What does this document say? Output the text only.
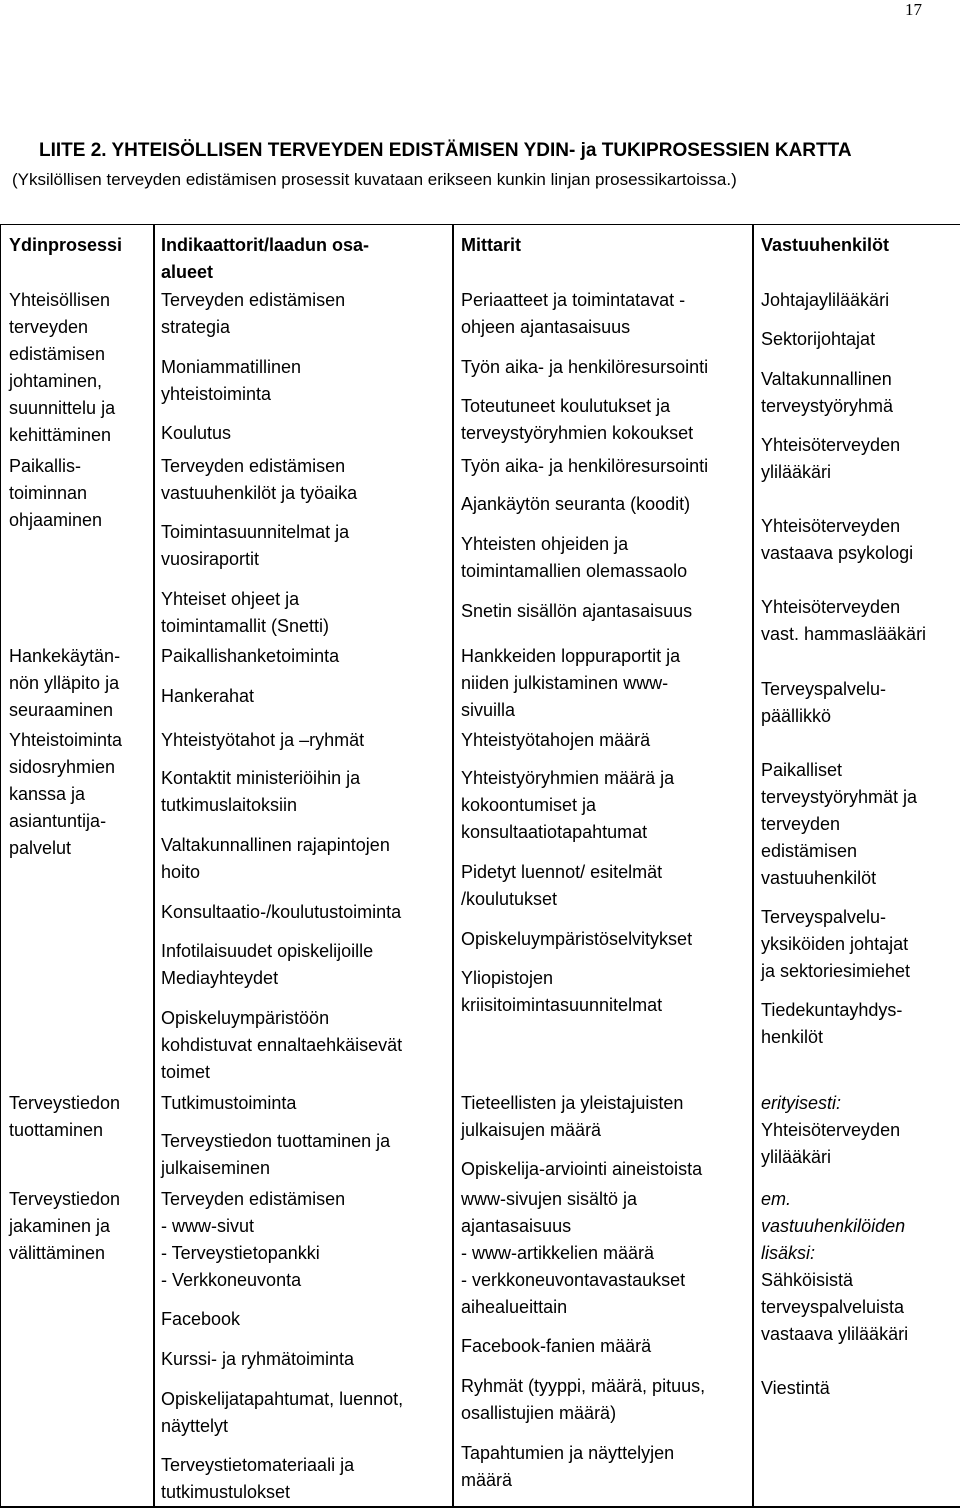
17
LIITE 2. YHTEISÖLLISEN TERVEYDEN EDISTÄMISEN YDIN- ja TUKIPROSESSIEN KARTTA
(Yksilöllisen terveyden edistämisen prosessit kuvataan erikseen kunkin linjan prosessikartoissa.)
Ydinprosessi
Yhteisöllisen
terveyden
edistämisen
johtaminen,
suunnittelu ja
kehittäminen
Paikallis-
toiminnan
ohjaaminen
Hankekäytän-
nön ylläpito ja
seuraaminen
Yhteistoiminta
sidosryhmien
kanssa ja
asiantuntija-
palvelut
Terveystiedon
tuottaminen
Terveystiedon
jakaminen ja
välittäminen
Indikaattorit/laadun osa-
alueet
Terveyden edistämisen
strategia
Moniammatillinen
yhteistoiminta
Koulutus
Terveyden edistämisen
vastuuhenkilöt ja työaika
Toimintasuunnitelmat ja
vuosiraportit
Yhteiset ohjeet ja
toimintamallit (Snetti)
Paikallishanketoiminta
Hankerahat
Yhteistyötahot ja –ryhmät
Kontaktit ministeriöihin ja
tutkimuslaitoksiin
Valtakunnallinen rajapintojen
hoito
Konsultaatio-/koulutustoiminta
Infotilaisuudet opiskelijoille
Mediayhteydet
Opiskeluympäristöön
kohdistuvat ennaltaehkäisevät
toimet
Tutkimustoiminta
Terveystiedon tuottaminen ja
julkaiseminen
Terveyden edistämisen
- www-sivut
- Terveystietopankki
- Verkkoneuvonta
Facebook
Kurssi- ja ryhmätoiminta
Opiskelijatapahtumat, luennot,
näyttelyt
Terveystietomateriaali ja
tutkimustulokset
Mittarit
Periaatteet ja toimintatavat -
ohjeen ajantasaisuus
Työn aika- ja henkilöresursointi
Toteutuneet koulutukset ja
terveystyöryhmien kokoukset
Työn aika- ja henkilöresursointi
Ajankäytön seuranta (koodit)
Yhteisten ohjeiden ja
toimintamallien olemassaolo
Snetin sisällön ajantasaisuus
Hankkeiden loppuraportit ja
niiden julkistaminen www-
sivuilla
Yhteistyötahojen määrä
Yhteistyöryhmien määrä ja
kokoontumiset ja
konsultaatiotapahtumat
Pidetyt luennot/ esitelmät
/koulutukset
Opiskeluympäristöselvitykset
Yliopistojen
kriisitoimintasuunnitelmat
Tieteellisten ja yleistajuisten
julkaisujen määrä
Opiskelija-arviointi aineistoista
www-sivujen sisältö ja
ajantasaisuus
- www-artikkelien määrä
- verkkoneuvontavastaukset
aihealueittain
Facebook-fanien määrä
Ryhmät (tyyppi, määrä, pituus,
osallistujien määrä)
Tapahtumien ja näyttelyjen
määrä
Vastuuhenkilöt
Johtajaylilääkäri
Sektorijohtajat
Valtakunnallinen
terveystyöryhmä
Yhteisöterveyden
ylilääkäri
Yhteisöterveyden
vastaava psykologi
Yhteisöterveyden
vast. hammaslääkäri
Terveyspalvelu-
päällikkö
Paikalliset
terveystyöryhmät ja
terveyden
edistämisen
vastuuhenkilöt
Terveyspalvelu-
yksiköiden johtajat
ja sektoriesimiehet
Tiedekuntayhdys-
henkilöt
erityisesti:
Yhteisöterveyden
ylilääkäri
em.
vastuuhenkilöiden
lisäksi:
Sähköisistä
terveyspalveluista
vastaava ylilääkäri
Viestintä
